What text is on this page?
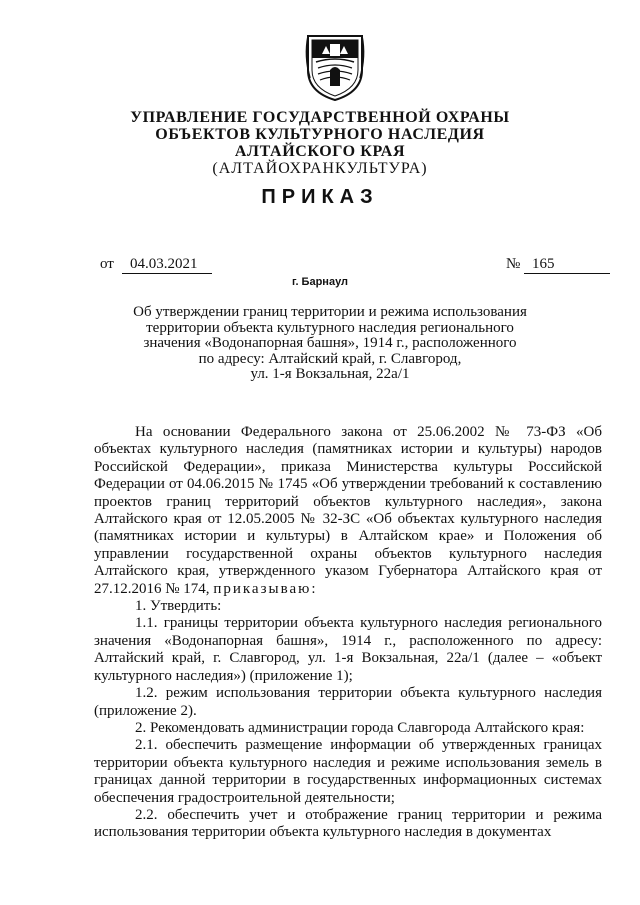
УПРАВЛЕНИЕ ГОСУДАРСТВЕННОЙ ОХРАНЫ
ОБЪЕКТОВ КУЛЬТУРНОГО НАСЛЕДИЯ
АЛТАЙСКОГО КРАЯ
(АЛТАЙОХРАНКУЛЬТУРА)
ПРИКАЗ
от	04.03.2021	№ 165
г. Барнаул
Об утверждении границ территории и режима использования
территории объекта культурного наследия регионального
значения «Водонапорная башня», 1914 г., расположенного
по адресу: Алтайский край, г. Славгород,
ул. 1-я Вокзальная, 22а/1
На основании Федерального закона от 25.06.2002 № 73-ФЗ «Об объектах культурного наследия (памятниках истории и культуры) народов Российской Федерации», приказа Министерства культуры Российской Федерации от 04.06.2015 № 1745 «Об утверждении требований к составлению проектов границ территорий объектов культурного наследия», закона Алтайского края от 12.05.2005 № 32-ЗС «Об объектах культурного наследия (памятниках истории и культуры) в Алтайском крае» и Положения об управлении государственной охраны объектов культурного наследия Алтайского края, утвержденного указом Губернатора Алтайского края от 27.12.2016 № 174, приказываю:
1. Утвердить:
1.1. границы территории объекта культурного наследия регионального значения «Водонапорная башня», 1914 г., расположенного по адресу: Алтайский край, г. Славгород, ул. 1-я Вокзальная, 22а/1 (далее – «объект культурного наследия») (приложение 1);
1.2. режим использования территории объекта культурного наследия (приложение 2).
2. Рекомендовать администрации города Славгорода Алтайского края:
2.1. обеспечить размещение информации об утвержденных границах территории объекта культурного наследия и режиме использования земель в границах данной территории в государственных информационных системах обеспечения градостроительной деятельности;
2.2. обеспечить учет и отображение границ территории и режима использования территории объекта культурного наследия в документах
